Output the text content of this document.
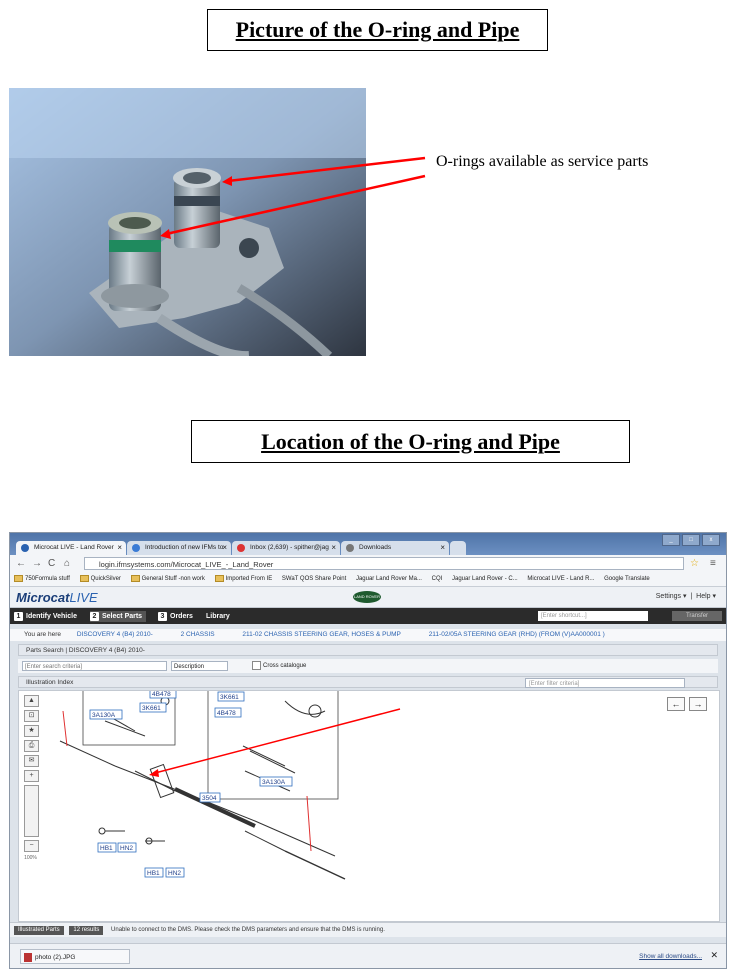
Picture of the O-ring and Pipe
O-rings available as service parts
Location of the O-ring and Pipe
Microcat LIVE - Land Rover ×	Introduction of new IFMs to
×	Inbox (2,639) - spither@jag ×	Downloads	×
_	□	x
← → C ⌂	login.ifmsystems.com/Microcat_LIVE_-_Land_Rover	☆ ≡
750Formula stuff	QuickSilver	General Stuff -non work	Imported From IE SWaT QOS Share Point Jaguar Land Rover Ma... CQI Jaguar Land Rover - C... Microcat LIVE - Land R... Google Translate
MicrocatLIVE	LAND ROVER	Settings ▾  |  Help ▾
1 Identify Vehicle	2 Select Parts	3 Orders Library	[Enter shortcut...]	Transfer
You are here DISCOVERY 4 (B4) 2010-	2 CHASSIS	211-02 CHASSIS STEERING GEAR, HOSES & PUMP	211-02/05A STEERING GEAR (RHD) (FROM (V)AA000001 )
Parts Search | DISCOVERY 4 (B4) 2010-
[Enter search criteria]	Description	Cross catalogue
Illustration Index	[Enter filter criteria]
▲
⊡
★
⎙
✉
+
−
100%
4B478
3K661
3A130A
3K661
4B478
3A130A
3504
HB1 HN2
HB1 HN2
←	→
Illustrated Parts 12 results Unable to connect to the DMS. Please check the DMS parameters and ensure that the DMS is running.
photo (2).JPG	Show all downloads... ✕
